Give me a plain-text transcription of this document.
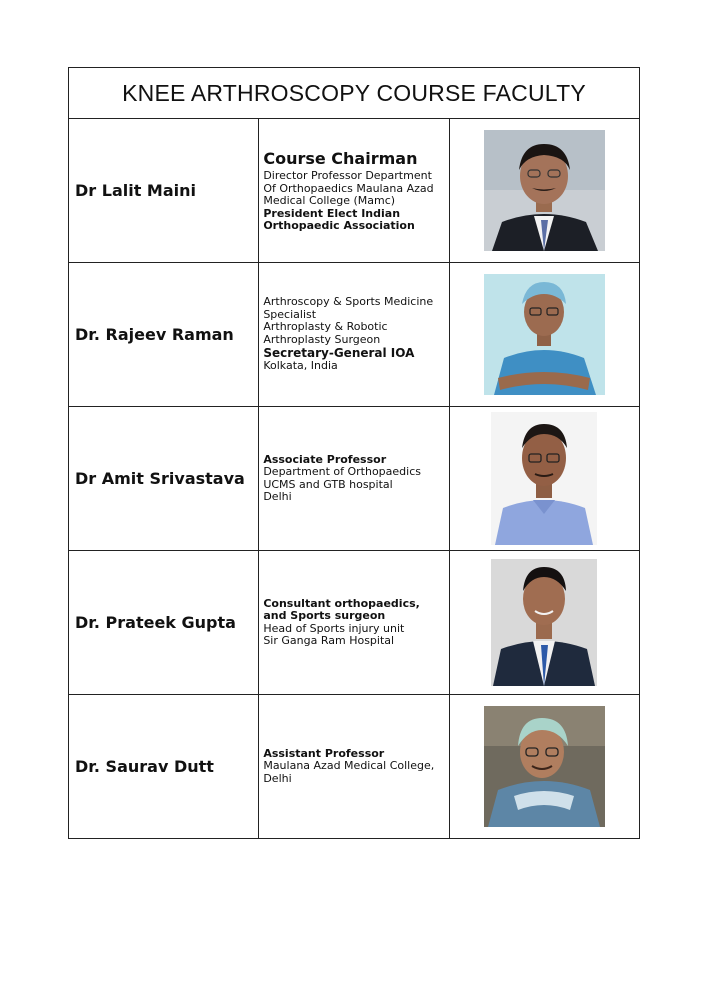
KNEE ARTHROSCOPY COURSE FACULTY		
Dr Lalit Maini	Course Chairman
Director Professor Department Of Orthopaedics Maulana Azad Medical College (Mamc)
President Elect Indian Orthopaedic Association

Dr. Rajeev Raman	Arthroscopy & Sports Medicine Specialist
Arthroplasty & Robotic Arthroplasty Surgeon
Secretary-General IOA
Kolkata, India

Dr Amit Srivastava	Associate Professor
Department of Orthopaedics
UCMS and GTB hospital
Delhi

Dr. Prateek Gupta	Consultant orthopaedics, and Sports surgeon
Head of Sports injury unit
Sir Ganga Ram Hospital

Dr. Saurav Dutt	Assistant Professor
Maulana Azad Medical College,
Delhi
